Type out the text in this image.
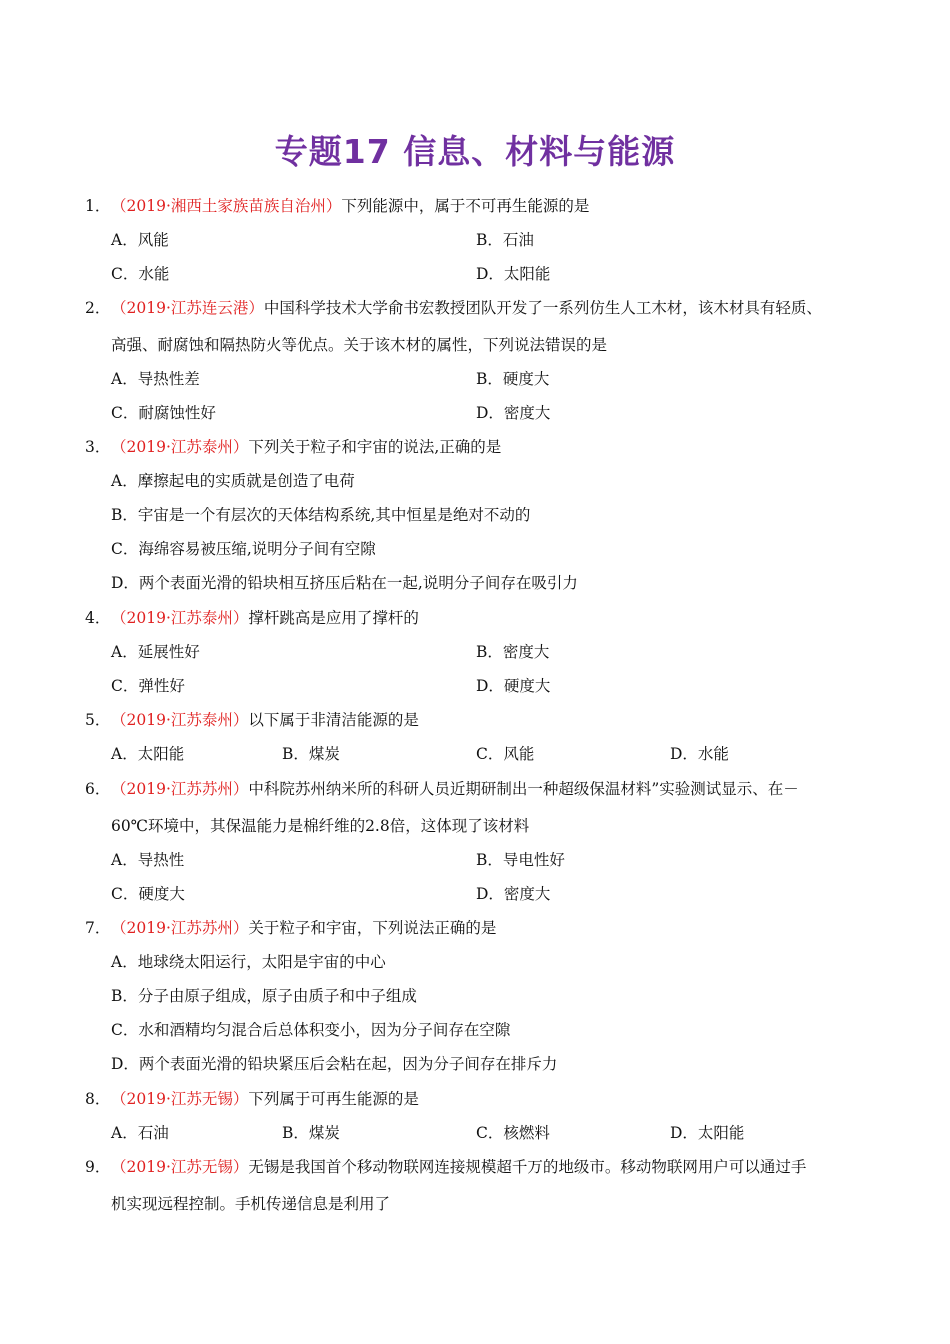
专题17 信息、材料与能源
1．（2019·湘西土家族苗族自治州）下列能源中，属于不可再生能源的是
A．风能	B．石油
C．水能	D．太阳能
2．（2019·江苏连云港）中国科学技术大学俞书宏教授团队开发了一系列仿生人工木材，该木材具有轻质、
高强、耐腐蚀和隔热防火等优点。关于该木材的属性，下列说法错误的是
A．导热性差	B．硬度大
C．耐腐蚀性好	D．密度大
3．（2019·江苏泰州）下列关于粒子和宇宙的说法,正确的是
A．摩擦起电的实质就是创造了电荷
B．宇宙是一个有层次的天体结构系统,其中恒星是绝对不动的
C．海绵容易被压缩,说明分子间有空隙
D．两个表面光滑的铅块相互挤压后粘在一起,说明分子间存在吸引力
4．（2019·江苏泰州）撑杆跳高是应用了撑杆的
A．延展性好	B．密度大
C．弹性好	D．硬度大
5．（2019·江苏泰州）以下属于非清洁能源的是
A．太阳能	B．煤炭	C．风能	D．水能
6．（2019·江苏苏州）中科院苏州纳米所的科研人员近期研制出一种超级保温材料”实验测试显示、在－
60℃环境中，其保温能力是棉纤维的2.8倍，这体现了该材料
A．导热性	B．导电性好
C．硬度大	D．密度大
7．（2019·江苏苏州）关于粒子和宇宙，下列说法正确的是
A．地球绕太阳运行，太阳是宇宙的中心
B．分子由原子组成，原子由质子和中子组成
C．水和酒精均匀混合后总体积变小，因为分子间存在空隙
D．两个表面光滑的铅块紧压后会粘在起，因为分子间存在排斥力
8．（2019·江苏无锡）下列属于可再生能源的是
A．石油	B．煤炭	C．核燃料	D．太阳能
9．（2019·江苏无锡）无锡是我国首个移动物联网连接规模超千万的地级市。移动物联网用户可以通过手
机实现远程控制。手机传递信息是利用了
